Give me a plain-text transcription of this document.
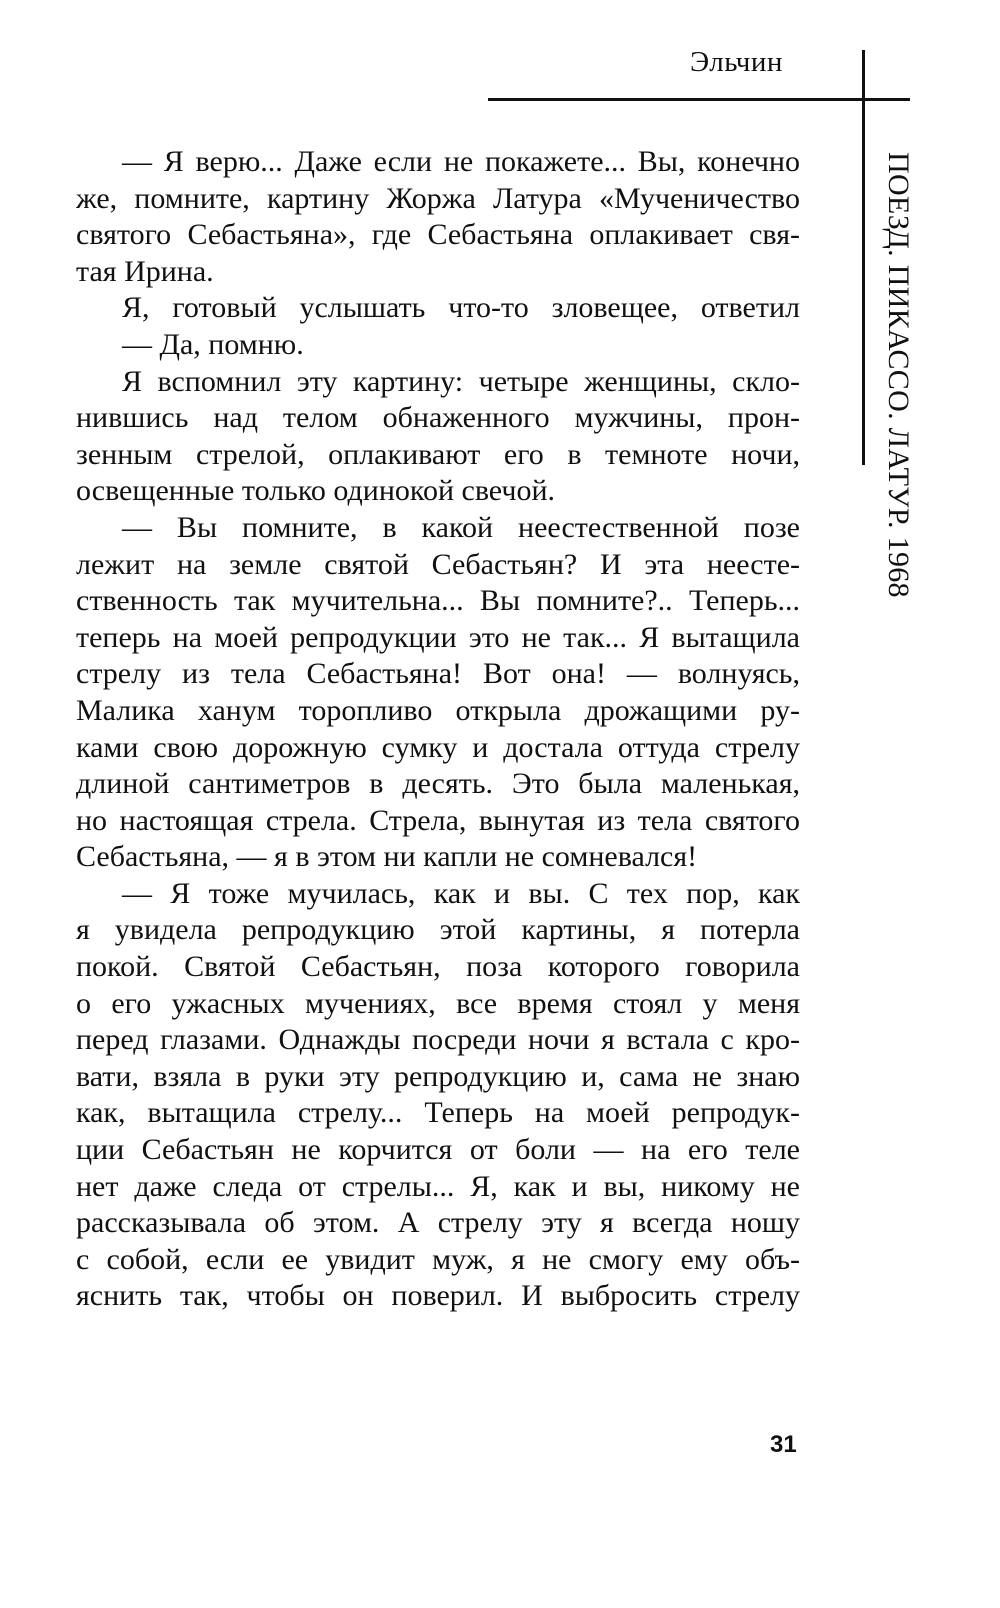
Эльчин
ПОЕЗД. ПИКАССО. ЛАТУР. 1968
— Я верю... Даже если не покажете... Вы, конечно
же, помните, картину Жоржа Латура «Мученичество
святого Себастьяна», где Себастьяна оплакивает свя-
тая Ирина.
Я, готовый услышать что-то зловещее, ответил
— Да, помню.
Я вспомнил эту картину: четыре женщины, скло-
нившись над телом обнаженного мужчины, прон-
зенным стрелой, оплакивают его в темноте ночи,
освещенные только одинокой свечой.
— Вы помните, в какой неестественной позе
лежит на земле святой Себастьян? И эта неесте-
ственность так мучительна... Вы помните?.. Теперь...
теперь на моей репродукции это не так... Я вытащила
стрелу из тела Себастьяна! Вот она! — волнуясь,
Малика ханум торопливо открыла дрожащими ру-
ками свою дорожную сумку и достала оттуда стрелу
длиной сантиметров в десять. Это была маленькая,
но настоящая стрела. Стрела, вынутая из тела святого
Себастьяна, — я в этом ни капли не сомневался!
— Я тоже мучилась, как и вы. С тех пор, как
я увидела репродукцию этой картины, я потерла
покой. Святой Себастьян, поза которого говорила
о его ужасных мучениях, все время стоял у меня
перед глазами. Однажды посреди ночи я встала с кро-
вати, взяла в руки эту репродукцию и, сама не знаю
как, вытащила стрелу... Теперь на моей репродук-
ции Себастьян не корчится от боли — на его теле
нет даже следа от стрелы... Я, как и вы, никому не
рассказывала об этом. А стрелу эту я всегда ношу
с собой, если ее увидит муж, я не смогу ему объ-
яснить так, чтобы он поверил. И выбросить стрелу
31
